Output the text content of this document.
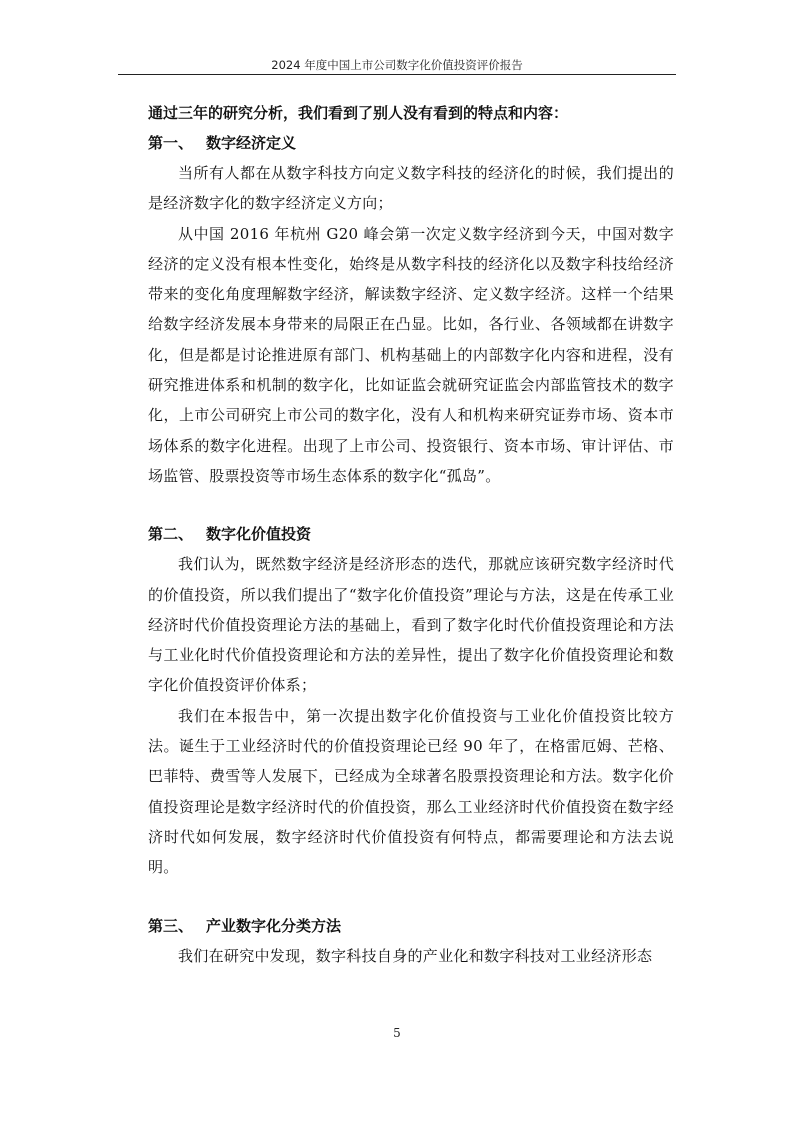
2024 年度中国上市公司数字化价值投资评价报告

通过三年的研究分析，我们看到了别人没有看到的特点和内容：

第一、 数字经济定义

当所有人都在从数字科技方向定义数字科技的经济化的时候，我们提出的是经济数字化的数字经济定义方向；

从中国 2016 年杭州 G20 峰会第一次定义数字经济到今天，中国对数字经济的定义没有根本性变化，始终是从数字科技的经济化以及数字科技给经济带来的变化角度理解数字经济，解读数字经济、定义数字经济。这样一个结果给数字经济发展本身带来的局限正在凸显。比如，各行业、各领域都在讲数字化，但是都是讨论推进原有部门、机构基础上的内部数字化内容和进程，没有研究推进体系和机制的数字化，比如证监会就研究证监会内部监管技术的数字化，上市公司研究上市公司的数字化，没有人和机构来研究证券市场、资本市场体系的数字化进程。出现了上市公司、投资银行、资本市场、审计评估、市场监管、股票投资等市场生态体系的数字化“孤岛”。

第二、 数字化价值投资

我们认为，既然数字经济是经济形态的迭代，那就应该研究数字经济时代的价值投资，所以我们提出了“数字化价值投资”理论与方法，这是在传承工业经济时代价值投资理论方法的基础上，看到了数字化时代价值投资理论和方法与工业化时代价值投资理论和方法的差异性，提出了数字化价值投资理论和数字化价值投资评价体系；

我们在本报告中，第一次提出数字化价值投资与工业化价值投资比较方法。诞生于工业经济时代的价值投资理论已经 90 年了，在格雷厄姆、芒格、巴菲特、费雪等人发展下，已经成为全球著名股票投资理论和方法。数字化价值投资理论是数字经济时代的价值投资，那么工业经济时代价值投资在数字经济时代如何发展，数字经济时代价值投资有何特点，都需要理论和方法去说明。

第三、 产业数字化分类方法

我们在研究中发现，数字科技自身的产业化和数字科技对工业经济形态

5
